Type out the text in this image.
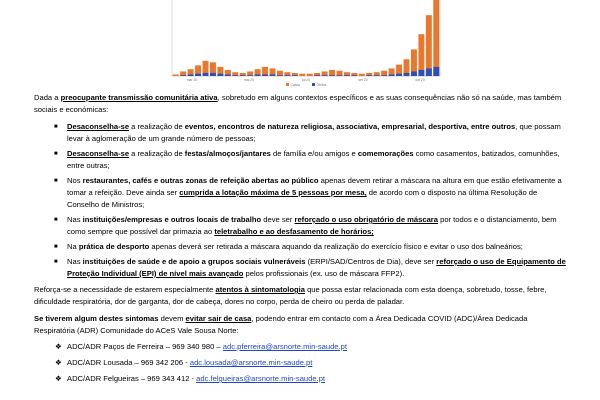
mar 20	mai 20	jul 20	set 20	out 20
Casos	Óbitos

Dada a preocupante transmissão comunitária ativa, sobretudo em alguns contextos específicos e as suas consequências não só na saúde, mas também sociais e económicas:

■ Desaconselha-se a realização de eventos, encontros de natureza religiosa, associativa, empresarial, desportiva, entre outros, que possam levar à aglomeração de um grande número de pessoas;
■ Desaconselha-se a realização de festas/almoços/jantares de família e/ou amigos e comemorações como casamentos, batizados, comunhões, entre outras;
■ Nos restaurantes, cafés e outras zonas de refeição abertas ao público apenas devem retirar a máscara na altura em que estão efetivamente a tomar a refeição. Deve ainda ser cumprida a lotação máxima de 5 pessoas por mesa, de acordo com o disposto na última Resolução de Conselho de Ministros;
■ Nas instituições/empresas e outros locais de trabalho deve ser reforçado o uso obrigatório de máscara por todos e o distanciamento, bem como sempre que possível dar primazia ao teletrabalho e ao desfasamento de horários;
■ Na prática de desporto apenas deverá ser retirada a máscara aquando da realização do exercício físico e evitar o uso dos balneários;
■ Nas instituições de saúde e de apoio a grupos sociais vulneráveis (ERPI/SAD/Centros de Dia), deve ser reforçado o uso de Equipamento de Proteção Individual (EPI) de nível mais avançado pelos profissionais (ex. uso de máscara FFP2).

Reforça-se a necessidade de estarem especialmente atentos à sintomatologia que possa estar relacionada com esta doença, sobretudo, tosse, febre, dificuldade respiratória, dor de garganta, dor de cabeça, dores no corpo, perda de cheiro ou perda de paladar.

Se tiverem algum destes sintomas devem evitar sair de casa, podendo entrar em contacto com a Área Dedicada COVID (ADC)/Área Dedicada Respiratória (ADR) Comunidade do ACeS Vale Sousa Norte:

❖ ADC/ADR Paços de Ferreira – 969 340 980 – adc.pferreira@arsnorte.min-saude.pt
❖ ADC/ADR Lousada – 969 342 206 - adc.lousada@arsnorte.min-saude.pt
❖ ADC/ADR Felgueiras – 969 343 412 - adc.felgueiras@arsnorte.min-saude.pt
